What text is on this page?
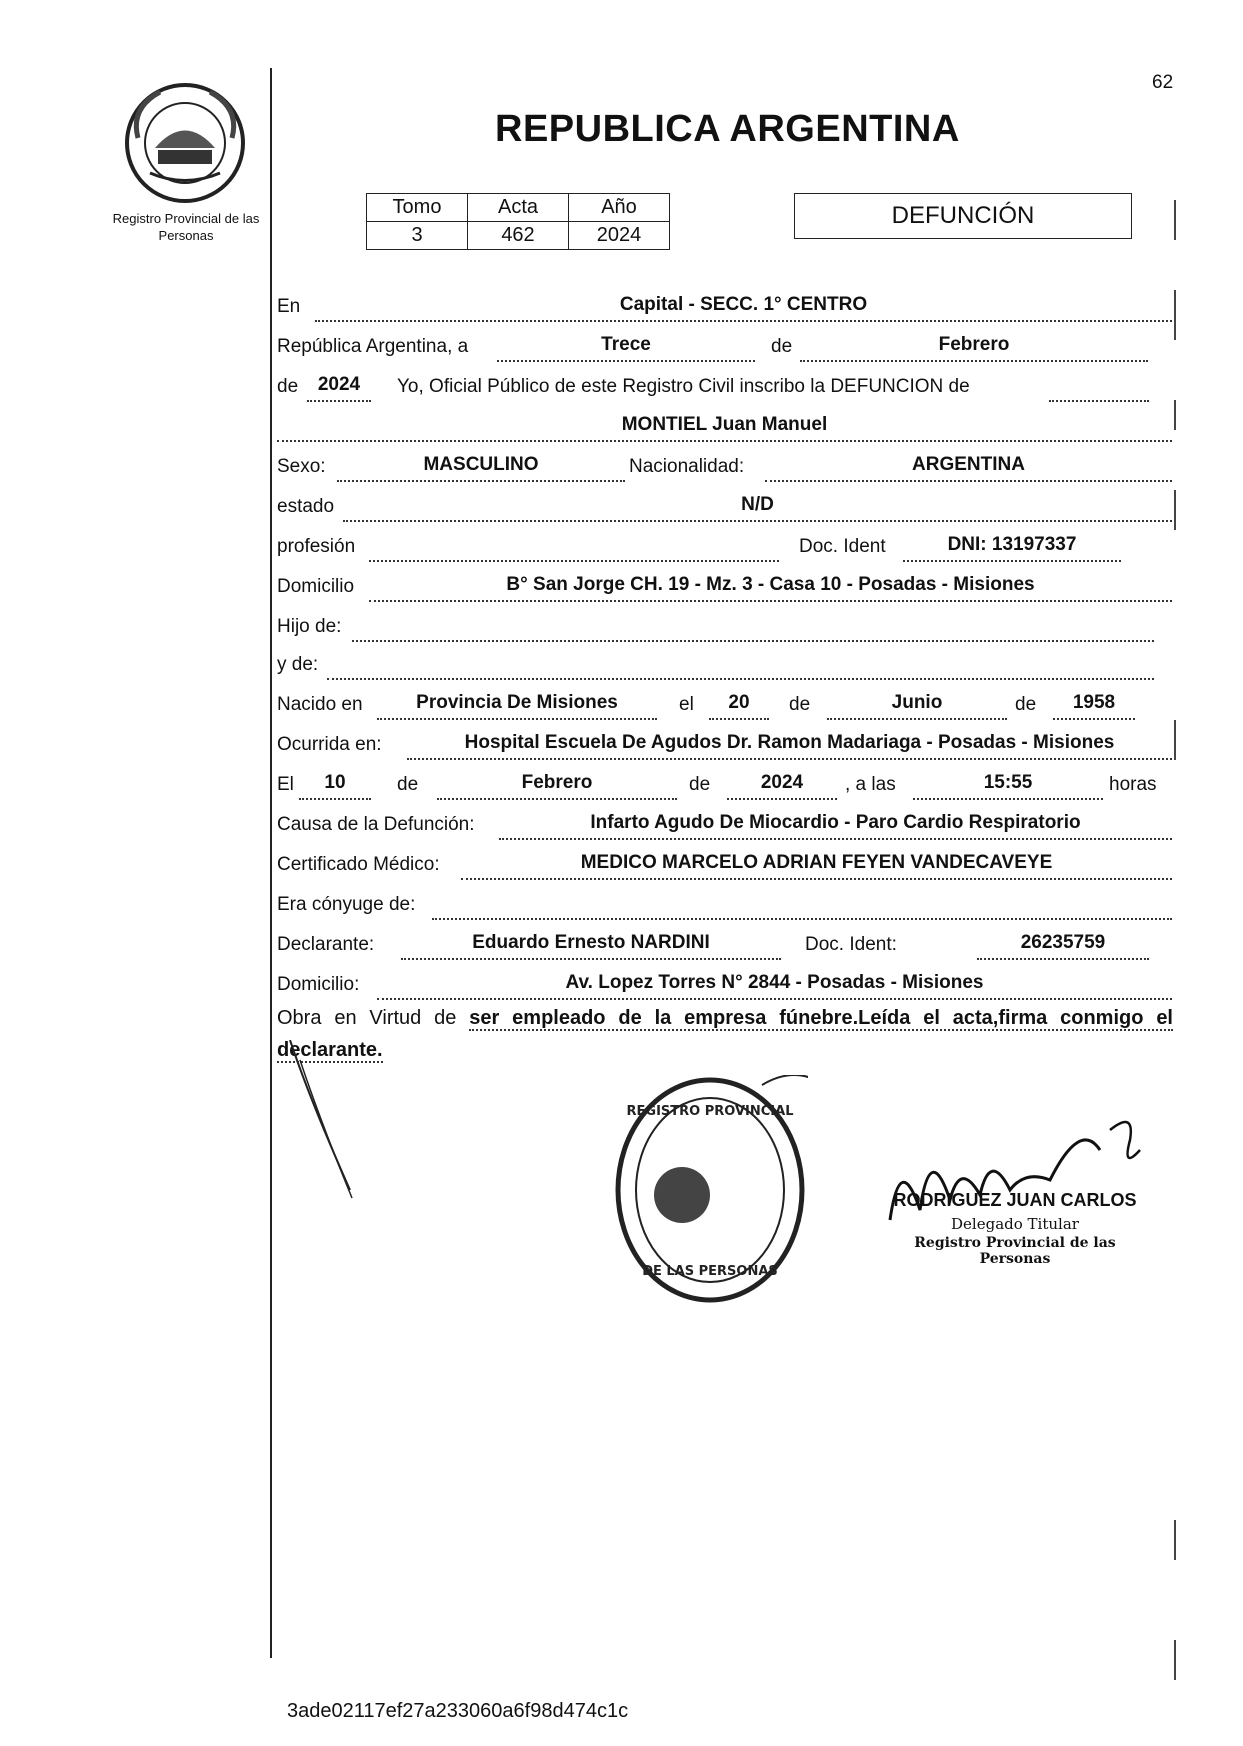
62
Registro Provincial de las Personas
REPUBLICA ARGENTINA
Tomo	Acta	Año
3	462	2024
DEFUNCIÓN
En	Capital - SECC. 1° CENTRO
República Argentina, a	Trece	de	Febrero
de	2024	Yo, Oficial Público de este Registro Civil inscribo la DEFUNCION de
MONTIEL Juan Manuel
Sexo:	MASCULINO	Nacionalidad:	ARGENTINA
estado	N/D
profesión	Doc. Ident	DNI: 13197337
Domicilio	B° San Jorge CH. 19 - Mz. 3 - Casa 10 - Posadas - Misiones
Hijo de:
y de:
Nacido en	Provincia De Misiones	el	20	de	Junio	de	1958
Ocurrida en:	Hospital Escuela De Agudos Dr. Ramon Madariaga - Posadas - Misiones
El	10	de	Febrero	de	2024	, a las	15:55	horas
Causa de la Defunción:	Infarto Agudo De Miocardio - Paro Cardio Respiratorio
Certificado Médico:	MEDICO MARCELO ADRIAN FEYEN VANDECAVEYE
Era cónyuge de:
Declarante:	Eduardo Ernesto NARDINI	Doc. Ident:	26235759
Domicilio:	Av. Lopez Torres N° 2844 - Posadas - Misiones
Obra en Virtud de ser empleado de la empresa fúnebre.Leída el acta,firma conmigo el declarante.
REGISTRO PROVINCIAL
DE LAS PERSONAS
RODRIGUEZ JUAN CARLOS
Delegado Titular
Registro Provincial de las Personas
3ade02117ef27a233060a6f98d474c1c
